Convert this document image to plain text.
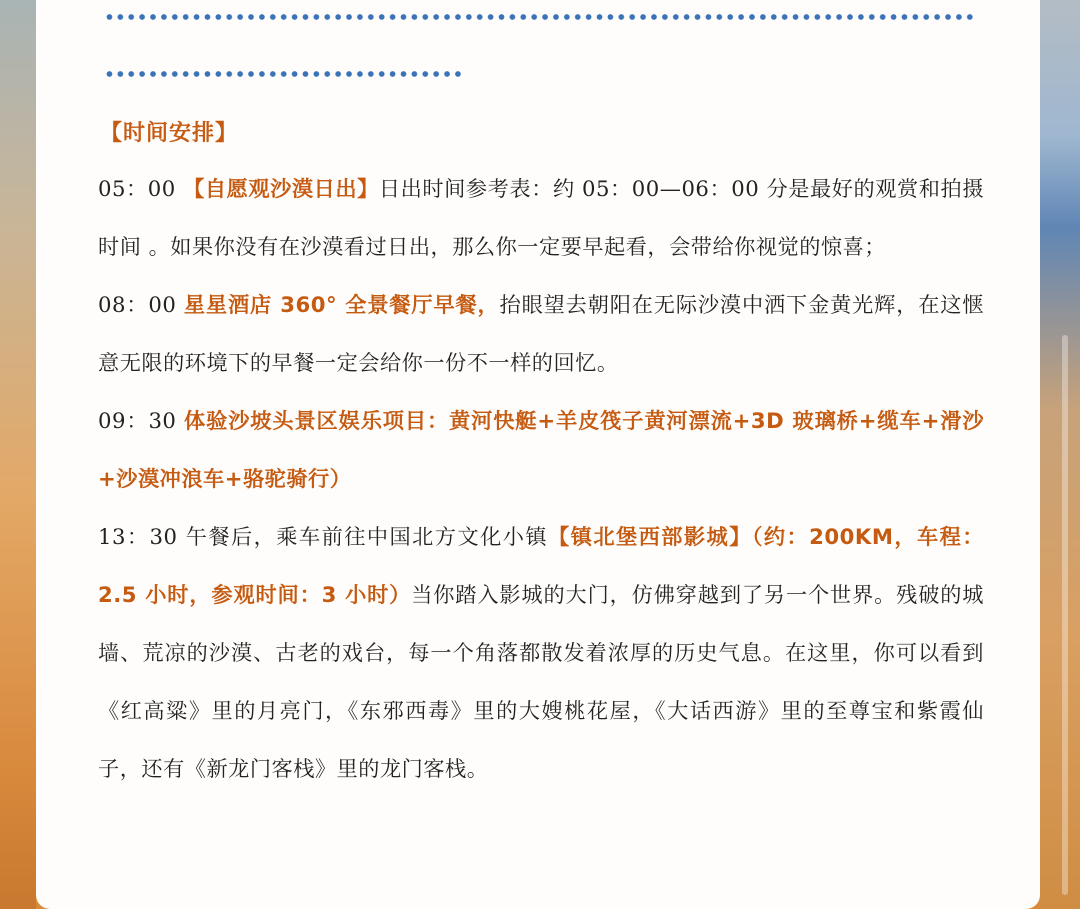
【时间安排】

05：00 【自愿观沙漠日出】日出时间参考表：约 05：00—06：00 分是最好的观赏和拍摄时间 。如果你没有在沙漠看过日出，那么你一定要早起看，会带给你视觉的惊喜；

08：00 星星酒店 360° 全景餐厅早餐，抬眼望去朝阳在无际沙漠中洒下金黄光辉，在这惬意无限的环境下的早餐一定会给你一份不一样的回忆。

09：30 体验沙坡头景区娱乐项目：黄河快艇+羊皮筏子黄河漂流+3D 玻璃桥+缆车+滑沙+沙漠冲浪车+骆驼骑行）

13：30 午餐后，乘车前往中国北方文化小镇【镇北堡西部影城】（约：200KM，车程：2.5 小时，参观时间：3 小时）当你踏入影城的大门，仿佛穿越到了另一个世界。残破的城墙、荒凉的沙漠、古老的戏台，每一个角落都散发着浓厚的历史气息。在这里，你可以看到《红高粱》里的月亮门，《东邪西毒》里的大嫂桃花屋，《大话西游》里的至尊宝和紫霞仙子，还有《新龙门客栈》里的龙门客栈。
